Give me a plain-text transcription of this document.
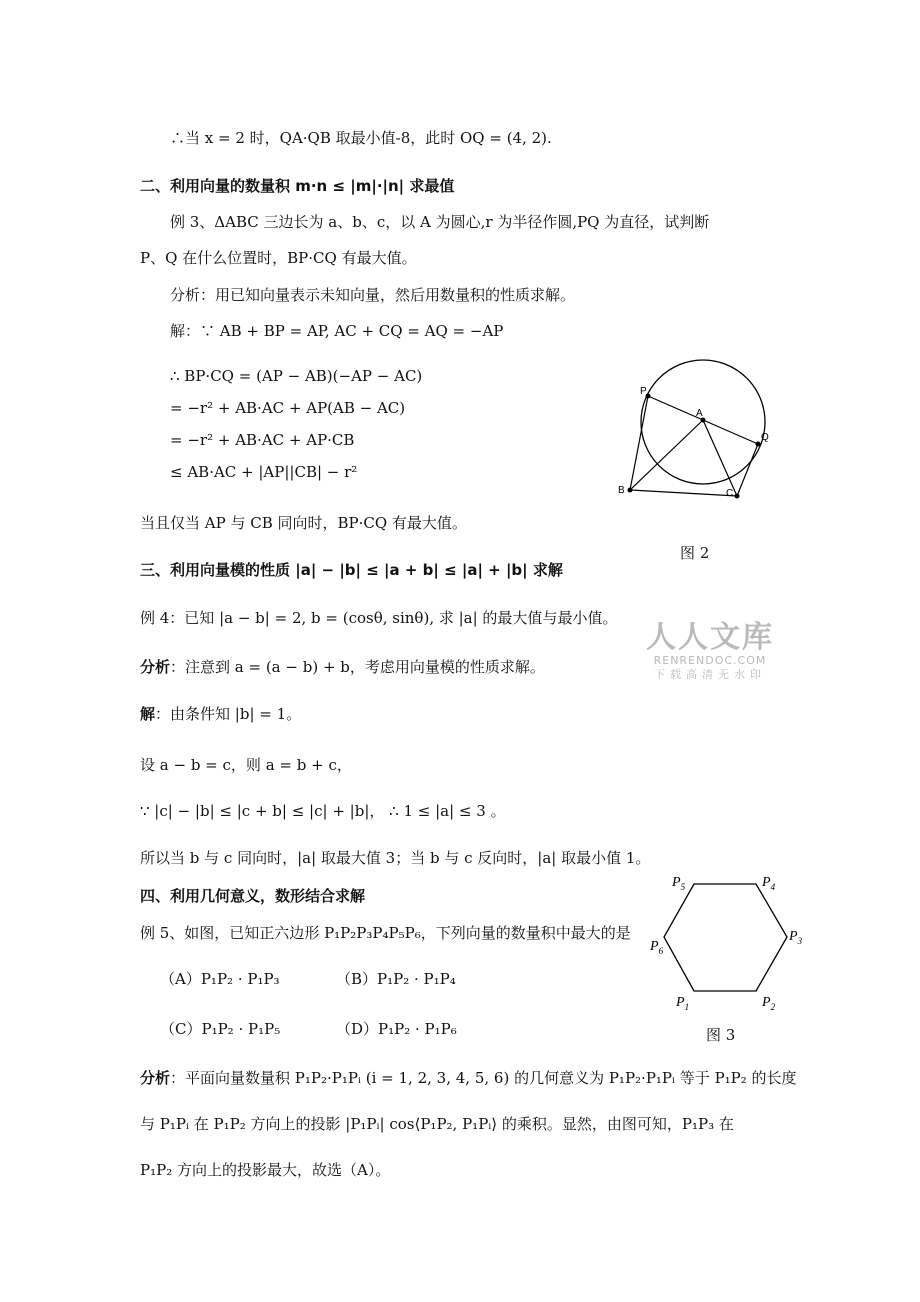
∴当 x = 2 时，QA·QB 取最小值-8，此时 OQ = (4, 2).
二、利用向量的数量积 m·n ≤ |m|·|n| 求最值
例 3、ΔABC 三边长为 a、b、c，以 A 为圆心,r 为半径作圆,PQ 为直径，试判断
P、Q 在什么位置时，BP·CQ 有最大值。
分析：用已知向量表示未知向量，然后用数量积的性质求解。
解：∵ AB + BP = AP, AC + CQ = AQ = −AP
∴ BP·CQ = (AP − AB)(−AP − AC)
= −r² + AB·AC + AP(AB − AC)
= −r² + AB·AC + AP·CB
≤ AB·AC + |AP||CB| − r²
当且仅当 AP 与 CB 同向时，BP·CQ 有最大值。
三、利用向量模的性质 |a| − |b| ≤ |a + b| ≤ |a| + |b| 求解
例 4：已知 |a − b| = 2, b = (cosθ, sinθ), 求 |a| 的最大值与最小值。
分析：注意到 a = (a − b) + b，考虑用向量模的性质求解。
解：由条件知 |b| = 1。
设 a − b = c，则 a = b + c，
∵ |c| − |b| ≤ |c + b| ≤ |c| + |b|， ∴ 1 ≤ |a| ≤ 3 。
所以当 b 与 c 同向时，|a| 取最大值 3；当 b 与 c 反向时，|a| 取最小值 1。
四、利用几何意义，数形结合求解
例 5、如图，已知正六边形 P₁P₂P₃P₄P₅P₆，下列向量的数量积中最大的是
（A）P₁P₂ · P₁P₃	（B）P₁P₂ · P₁P₄
（C）P₁P₂ · P₁P₅	（D）P₁P₂ · P₁P₆
分析：平面向量数量积 P₁P₂·P₁Pᵢ (i = 1, 2, 3, 4, 5, 6) 的几何意义为 P₁P₂·P₁Pᵢ 等于 P₁P₂ 的长度
与 P₁Pᵢ 在 P₁P₂ 方向上的投影 |P₁Pᵢ| cos⟨P₁P₂, P₁Pᵢ⟩ 的乘积。显然，由图可知，P₁P₃ 在
P₁P₂ 方向上的投影最大，故选（A）。
P
A
Q
B	C
图 2
人人文库
RENRENDOC.COM
下载高清无水印
$P_5$	$P_4$
$P_3$
$P_6$
$P_1$	$P_2$
图 3
